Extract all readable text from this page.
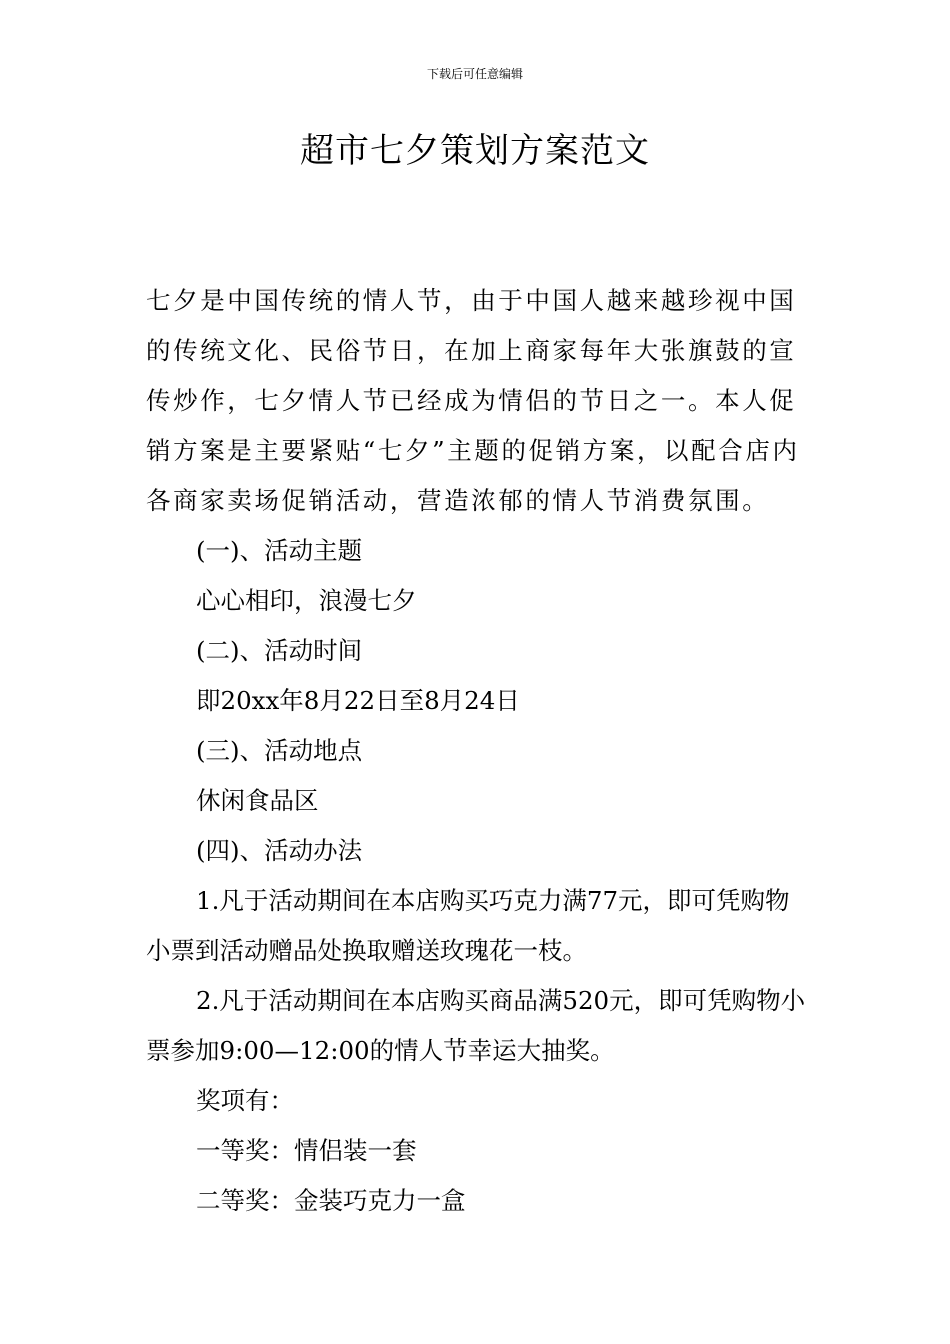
下载后可任意编辑
超市七夕策划方案范文

七夕是中国传统的情人节，由于中国人越来越珍视中国的传统文化、民俗节日，在加上商家每年大张旗鼓的宣传炒作，七夕情人节已经成为情侣的节日之一。本人促销方案是主要紧贴“七夕”主题的促销方案，以配合店内各商家卖场促销活动，营造浓郁的情人节消费氛围。

(一)、活动主题

心心相印，浪漫七夕

(二)、活动时间

即20xx年8月22日至8月24日

(三)、活动地点

休闲食品区

(四)、活动办法

1.凡于活动期间在本店购买巧克力满77元，即可凭购物小票到活动赠品处换取赠送玫瑰花一枝。

2.凡于活动期间在本店购买商品满520元，即可凭购物小票参加9:00—12:00的情人节幸运大抽奖。

奖项有：

一等奖：情侣装一套

二等奖：金装巧克力一盒
